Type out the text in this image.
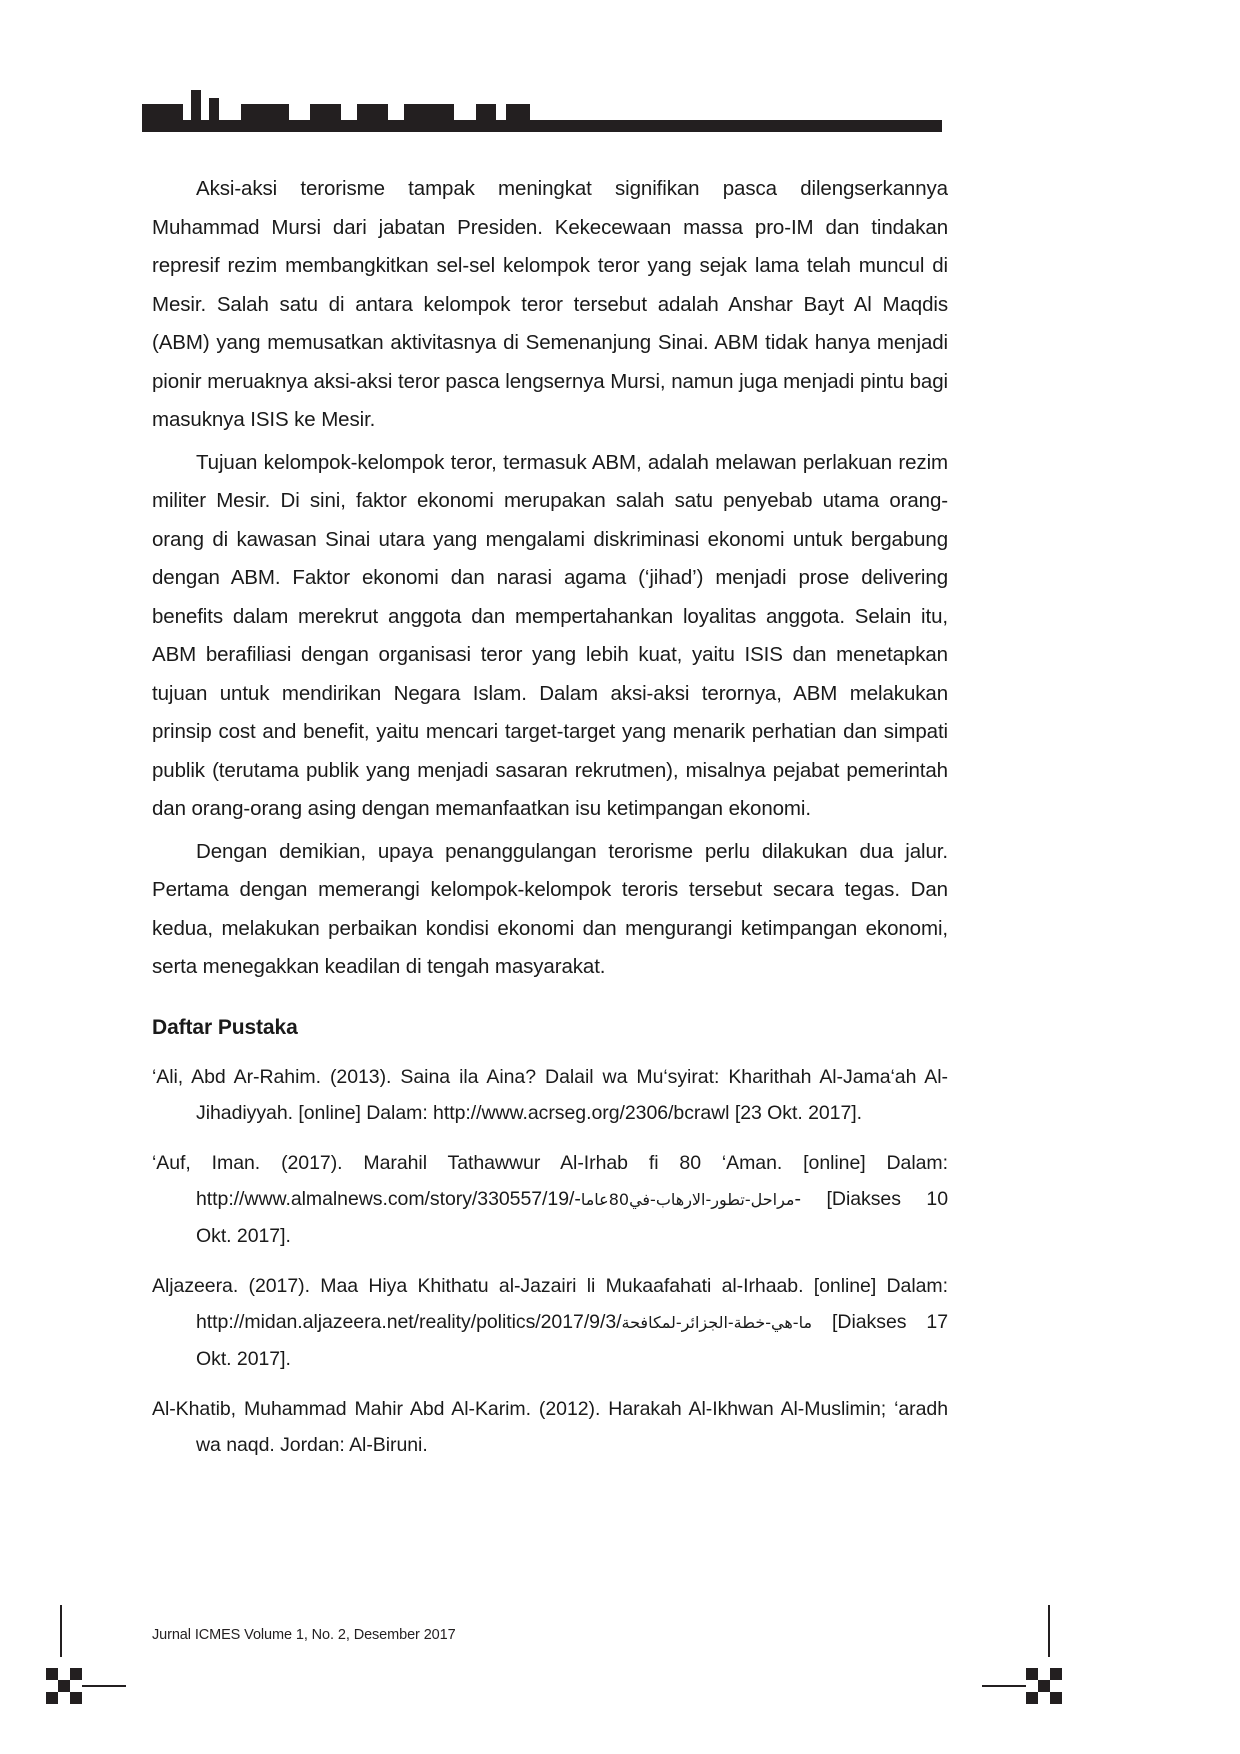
Aksi-aksi terorisme tampak meningkat signifikan pasca dilengserkannya Muhammad Mursi dari jabatan Presiden. Kekecewaan massa pro-IM dan tindakan represif rezim membangkitkan sel-sel kelompok teror yang sejak lama telah muncul di Mesir. Salah satu di antara kelompok teror tersebut adalah Anshar Bayt Al Maqdis (ABM) yang memusatkan aktivitasnya di Semenanjung Sinai. ABM tidak hanya menjadi pionir meruaknya aksi-aksi teror pasca lengsernya Mursi, namun juga menjadi pintu bagi masuknya ISIS ke Mesir.

Tujuan kelompok-kelompok teror, termasuk ABM, adalah melawan perlakuan rezim militer Mesir. Di sini, faktor ekonomi merupakan salah satu penyebab utama orang-orang di kawasan Sinai utara yang mengalami diskriminasi ekonomi untuk bergabung dengan ABM. Faktor ekonomi dan narasi agama (‘jihad’) menjadi prose delivering benefits dalam merekrut anggota dan mempertahankan loyalitas anggota. Selain itu, ABM berafiliasi dengan organisasi teror yang lebih kuat, yaitu ISIS dan menetapkan tujuan untuk mendirikan Negara Islam. Dalam aksi-aksi terornya, ABM melakukan prinsip cost and benefit, yaitu mencari target-target yang menarik perhatian dan simpati publik (terutama publik yang menjadi sasaran rekrutmen), misalnya pejabat pemerintah dan orang-orang asing dengan memanfaatkan isu ketimpangan ekonomi.

Dengan demikian, upaya penanggulangan terorisme perlu dilakukan dua jalur. Pertama dengan memerangi kelompok-kelompok teroris tersebut secara tegas. Dan kedua, melakukan perbaikan kondisi ekonomi dan mengurangi ketimpangan ekonomi, serta menegakkan keadilan di tengah masyarakat.

Daftar Pustaka
‘Ali, Abd Ar-Rahim. (2013). Saina ila Aina? Dalail wa Mu‘syirat: Kharithah Al-Jama‘ah Al-Jihadiyyah. [online] Dalam: http://www.acrseg.org/2306/bcrawl [23 Okt. 2017].
‘Auf, Iman. (2017). Marahil Tathawwur Al-Irhab fi 80 ‘Aman. [online] Dalam: http://www.almalnews.com/story/330557/19/-مراحل-تطور-الارهاب-في80عاما- [Diakses 10 Okt. 2017].
Aljazeera. (2017). Maa Hiya Khithatu al-Jazairi li Mukaafahati al-Irhaab. [online] Dalam: http://midan.aljazeera.net/reality/politics/2017/9/3/ما-هي-خطة-الجزائر-لمكافحة [Diakses 17 Okt. 2017].
Al-Khatib, Muhammad Mahir Abd Al-Karim. (2012). Harakah Al-Ikhwan Al-Muslimin; ‘aradh wa naqd. Jordan: Al-Biruni.
Jurnal ICMES Volume 1, No. 2, Desember 2017
